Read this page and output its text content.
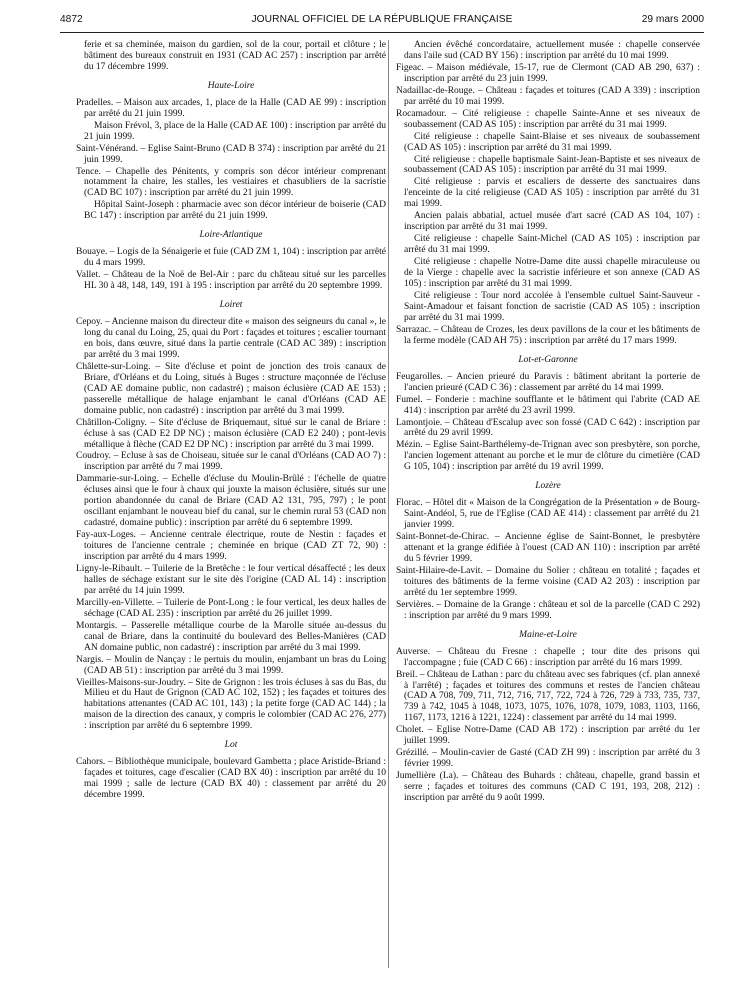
4872	JOURNAL OFFICIEL DE LA RÉPUBLIQUE FRANÇAISE	29 mars 2000

ferie et sa cheminée, maison du gardien, sol de la cour, portail et clôture ; le bâtiment des bureaux construit en 1931 (CAD AC 257) : inscription par arrêté du 17 décembre 1999.

Haute-Loire

Pradelles. – Maison aux arcades, 1, place de la Halle (CAD AE 99) : inscription par arrêté du 21 juin 1999.

Maison Frévol, 3, place de la Halle (CAD AE 100) : inscription par arrêté du 21 juin 1999.

Saint-Vénérand. – Eglise Saint-Bruno (CAD B 374) : inscription par arrêté du 21 juin 1999.

Tence. – Chapelle des Pénitents, y compris son décor intérieur comprenant notamment la chaire, les stalles, les vestiaires et chasubliers de la sacristie (CAD BC 107) : inscription par arrêté du 21 juin 1999.

Hôpital Saint-Joseph : pharmacie avec son décor intérieur de boiserie (CAD BC 147) : inscription par arrêté du 21 juin 1999.

Loire-Atlantique

Bouaye. – Logis de la Sénaigerie et fuie (CAD ZM 1, 104) : inscription par arrêté du 4 mars 1999.

Vallet. – Château de la Noë de Bel-Air : parc du château situé sur les parcelles HL 30 à 48, 148, 149, 191 à 195 : inscription par arrêté du 20 septembre 1999.

Loiret

Cepoy. – Ancienne maison du directeur dite « maison des seigneurs du canal », le long du canal du Loing, 25, quai du Port : façades et toitures ; escalier tournant en bois, dans œuvre, situé dans la partie centrale (CAD AC 389) : inscription par arrêté du 3 mai 1999.

Châlette-sur-Loing. – Site d'écluse et point de jonction des trois canaux de Briare, d'Orléans et du Loing, situés à Buges : structure maçonnée de l'écluse (CAD AE domaine public, non cadastré) ; maison éclusière (CAD AE 153) ; passerelle métallique de halage enjambant le canal d'Orléans (CAD AE domaine public, non cadastré) : inscription par arrêté du 3 mai 1999.

Châtillon-Coligny. – Site d'écluse de Briquemaut, situé sur le canal de Briare : écluse à sas (CAD E2 DP NC) ; maison éclusière (CAD E2 240) ; pont-levis métallique à flèche (CAD E2 DP NC) : inscription par arrêté du 3 mai 1999.

Coudroy. – Ecluse à sas de Choiseau, située sur le canal d'Orléans (CAD AO 7) : inscription par arrêté du 7 mai 1999.

Dammarie-sur-Loing. – Echelle d'écluse du Moulin-Brûlé : l'échelle de quatre écluses ainsi que le four à chaux qui jouxte la maison éclusière, situés sur une portion abandonnée du canal de Briare (CAD A2 131, 795, 797) ; le pont oscillant enjambant le nouveau bief du canal, sur le chemin rural 53 (CAD non cadastré, domaine public) : inscription par arrêté du 6 septembre 1999.

Fay-aux-Loges. – Ancienne centrale électrique, route de Nestin : façades et toitures de l'ancienne centrale ; cheminée en brique (CAD ZT 72, 90) : inscription par arrêté du 4 mars 1999.

Ligny-le-Ribault. – Tuilerie de la Bretêche : le four vertical désaffecté ; les deux halles de séchage existant sur le site dès l'origine (CAD AL 14) : inscription par arrêté du 14 juin 1999.

Marcilly-en-Villette. – Tuilerie de Pont-Long : le four vertical, les deux halles de séchage (CAD AL 235) : inscription par arrêté du 26 juillet 1999.

Montargis. – Passerelle métallique courbe de la Marolle située au-dessus du canal de Briare, dans la continuité du boulevard des Belles-Manières (CAD AN domaine public, non cadastré) : inscription par arrêté du 3 mai 1999.

Nargis. – Moulin de Nançay : le pertuis du moulin, enjambant un bras du Loing (CAD AB 51) : inscription par arrêté du 3 mai 1999.

Vieilles-Maisons-sur-Joudry. – Site de Grignon : les trois écluses à sas du Bas, du Milieu et du Haut de Grignon (CAD AC 102, 152) ; les façades et toitures des habitations attenantes (CAD AC 101, 143) ; la petite forge (CAD AC 144) ; la maison de la direction des canaux, y compris le colombier (CAD AC 276, 277) : inscription par arrêté du 6 septembre 1999.

Lot

Cahors. – Bibliothèque municipale, boulevard Gambetta ; place Aristide-Briand : façades et toitures, cage d'escalier (CAD BX 40) : inscription par arrêté du 10 mai 1999 ; salle de lecture (CAD BX 40) : classement par arrêté du 20 décembre 1999.

Ancien évêché concordataire, actuellement musée : chapelle conservée dans l'aile sud (CAD BY 156) : inscription par arrêté du 10 mai 1999.

Figeac. – Maison médiévale, 15-17, rue de Clermont (CAD AB 290, 637) : inscription par arrêté du 23 juin 1999.

Nadaillac-de-Rouge. – Château : façades et toitures (CAD A 339) : inscription par arrêté du 10 mai 1999.

Rocamadour. – Cité religieuse : chapelle Sainte-Anne et ses niveaux de soubassement (CAD AS 105) : inscription par arrêté du 31 mai 1999.

Cité religieuse : chapelle Saint-Blaise et ses niveaux de soubassement (CAD AS 105) : inscription par arrêté du 31 mai 1999.

Cité religieuse : chapelle baptismale Saint-Jean-Baptiste et ses niveaux de soubassement (CAD AS 105) : inscription par arrêté du 31 mai 1999.

Cité religieuse : parvis et escaliers de desserte des sanctuaires dans l'enceinte de la cité religieuse (CAD AS 105) : inscription par arrêté du 31 mai 1999.

Ancien palais abbatial, actuel musée d'art sacré (CAD AS 104, 107) : inscription par arrêté du 31 mai 1999.

Cité religieuse : chapelle Saint-Michel (CAD AS 105) : inscription par arrêté du 31 mai 1999.

Cité religieuse : chapelle Notre-Dame dite aussi chapelle miraculeuse ou de la Vierge : chapelle avec la sacristie inférieure et son annexe (CAD AS 105) : inscription par arrêté du 31 mai 1999.

Cité religieuse : Tour nord accolée à l'ensemble cultuel Saint-Sauveur - Saint-Amadour et faisant fonction de sacristie (CAD AS 105) : inscription par arrêté du 31 mai 1999.

Sarrazac. – Château de Crozes, les deux pavillons de la cour et les bâtiments de la ferme modèle (CAD AH 75) : inscription par arrêté du 17 mars 1999.

Lot-et-Garonne

Feugarolles. – Ancien prieuré du Paravis : bâtiment abritant la porterie de l'ancien prieuré (CAD C 36) : classement par arrêté du 14 mai 1999.

Fumel. – Fonderie : machine soufflante et le bâtiment qui l'abrite (CAD AE 414) : inscription par arrêté du 23 avril 1999.

Lamontjoie. – Château d'Escalup avec son fossé (CAD C 642) : inscription par arrêté du 29 avril 1999.

Mézin. – Eglise Saint-Barthélemy-de-Trignan avec son presbytère, son porche, l'ancien logement attenant au porche et le mur de clôture du cimetière (CAD G 105, 104) : inscription par arrêté du 19 avril 1999.

Lozère

Florac. – Hôtel dit « Maison de la Congrégation de la Présentation » de Bourg-Saint-Andéol, 5, rue de l'Eglise (CAD AE 414) : classement par arrêté du 21 janvier 1999.

Saint-Bonnet-de-Chirac. – Ancienne église de Saint-Bonnet, le presbytère attenant et la grange édifiée à l'ouest (CAD AN 110) : inscription par arrêté du 5 février 1999.

Saint-Hilaire-de-Lavit. – Domaine du Solier : château en totalité ; façades et toitures des bâtiments de la ferme voisine (CAD A2 203) : inscription par arrêté du 1er septembre 1999.

Servières. – Domaine de la Grange : château et sol de la parcelle (CAD C 292) : inscription par arrêté du 9 mars 1999.

Maine-et-Loire

Auverse. – Château du Fresne : chapelle ; tour dite des prisons qui l'accompagne ; fuie (CAD C 66) : inscription par arrêté du 16 mars 1999.

Breil. – Château de Lathan : parc du château avec ses fabriques (cf. plan annexé à l'arrêté) ; façades et toitures des communs et restes de l'ancien château (CAD A 708, 709, 711, 712, 716, 717, 722, 724 à 726, 729 à 733, 735, 737, 739 à 742, 1045 à 1048, 1073, 1075, 1076, 1078, 1079, 1083, 1103, 1166, 1167, 1173, 1216 à 1221, 1224) : classement par arrêté du 14 mai 1999.

Cholet. – Eglise Notre-Dame (CAD AB 172) : inscription par arrêté du 1er juillet 1999.

Grézillé. – Moulin-cavier de Gasté (CAD ZH 99) : inscription par arrêté du 3 février 1999.

Jumellière (La). – Château des Buhards : château, chapelle, grand bassin et serre ; façades et toitures des communs (CAD C 191, 193, 208, 212) : inscription par arrêté du 9 août 1999.
